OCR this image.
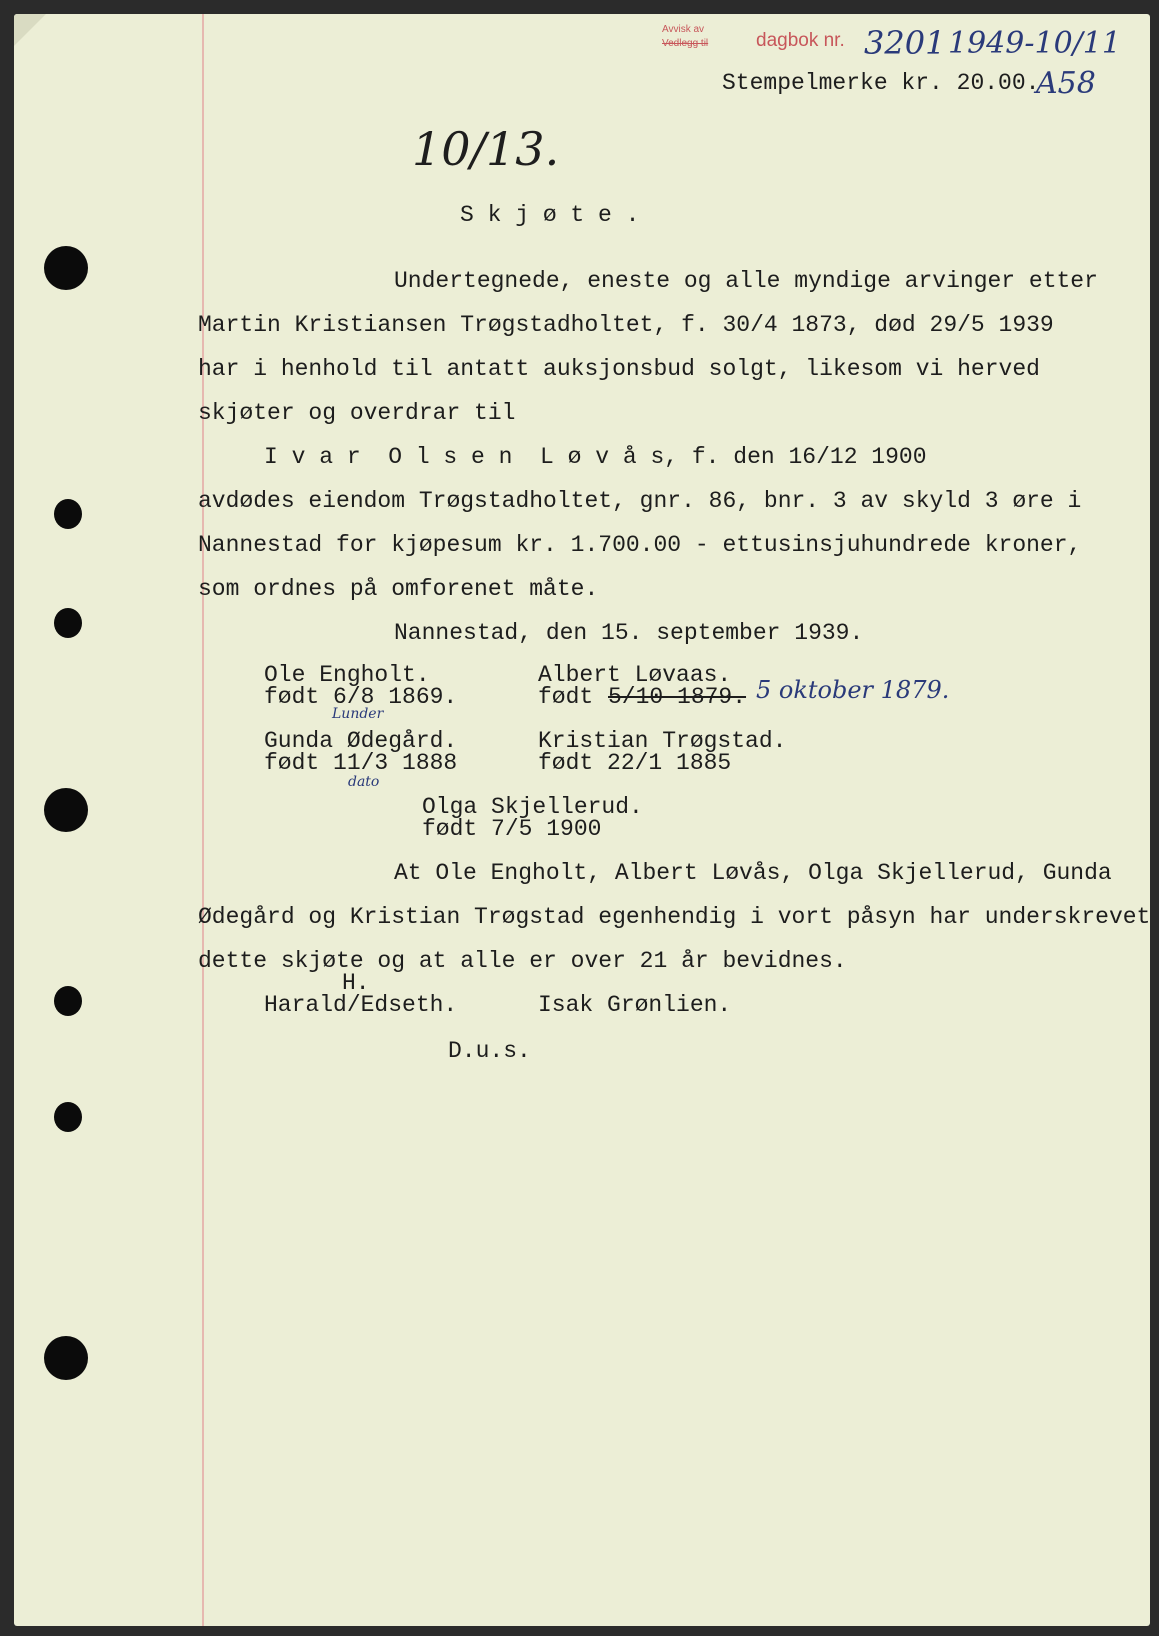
Avvisk av
Vedlegg til	dagbok nr. 3201 1949-10/11
Stempelmerke kr. 20.00.
A58
10/13.
S k j ø t e .
Undertegnede, eneste og alle myndige arvinger etter
Martin Kristiansen Trøgstadholtet, f. 30/4 1873, død 29/5 1939
har i henhold til antatt auksjonsbud solgt, likesom vi herved
skjøter og overdrar til
I v a r  O l s e n  L ø v å s, f. den 16/12 1900
avdødes eiendom Trøgstadholtet, gnr. 86, bnr. 3 av skyld 3 øre i
Nannestad for kjøpesum kr. 1.700.00 - ettusinsjuhundrede kroner,
som ordnes på omforenet måte.
Nannestad, den 15. september 1939.
Ole Engholt.
født 6/8 1869.
Lunder
Albert Løvaas.
født 5/10 1879. 5 oktober 1879.
Gunda Ødegård.
født 11/3 1888
dato
Kristian Trøgstad.
født 22/1 1885
Olga Skjellerud.
født 7/5 1900
At Ole Engholt, Albert Løvås, Olga Skjellerud, Gunda
Ødegård og Kristian Trøgstad egenhendig i vort påsyn har underskrevet
dette skjøte og at alle er over 21 år bevidnes.
H.
Harald/Edseth.	Isak Grønlien.
D.u.s.
